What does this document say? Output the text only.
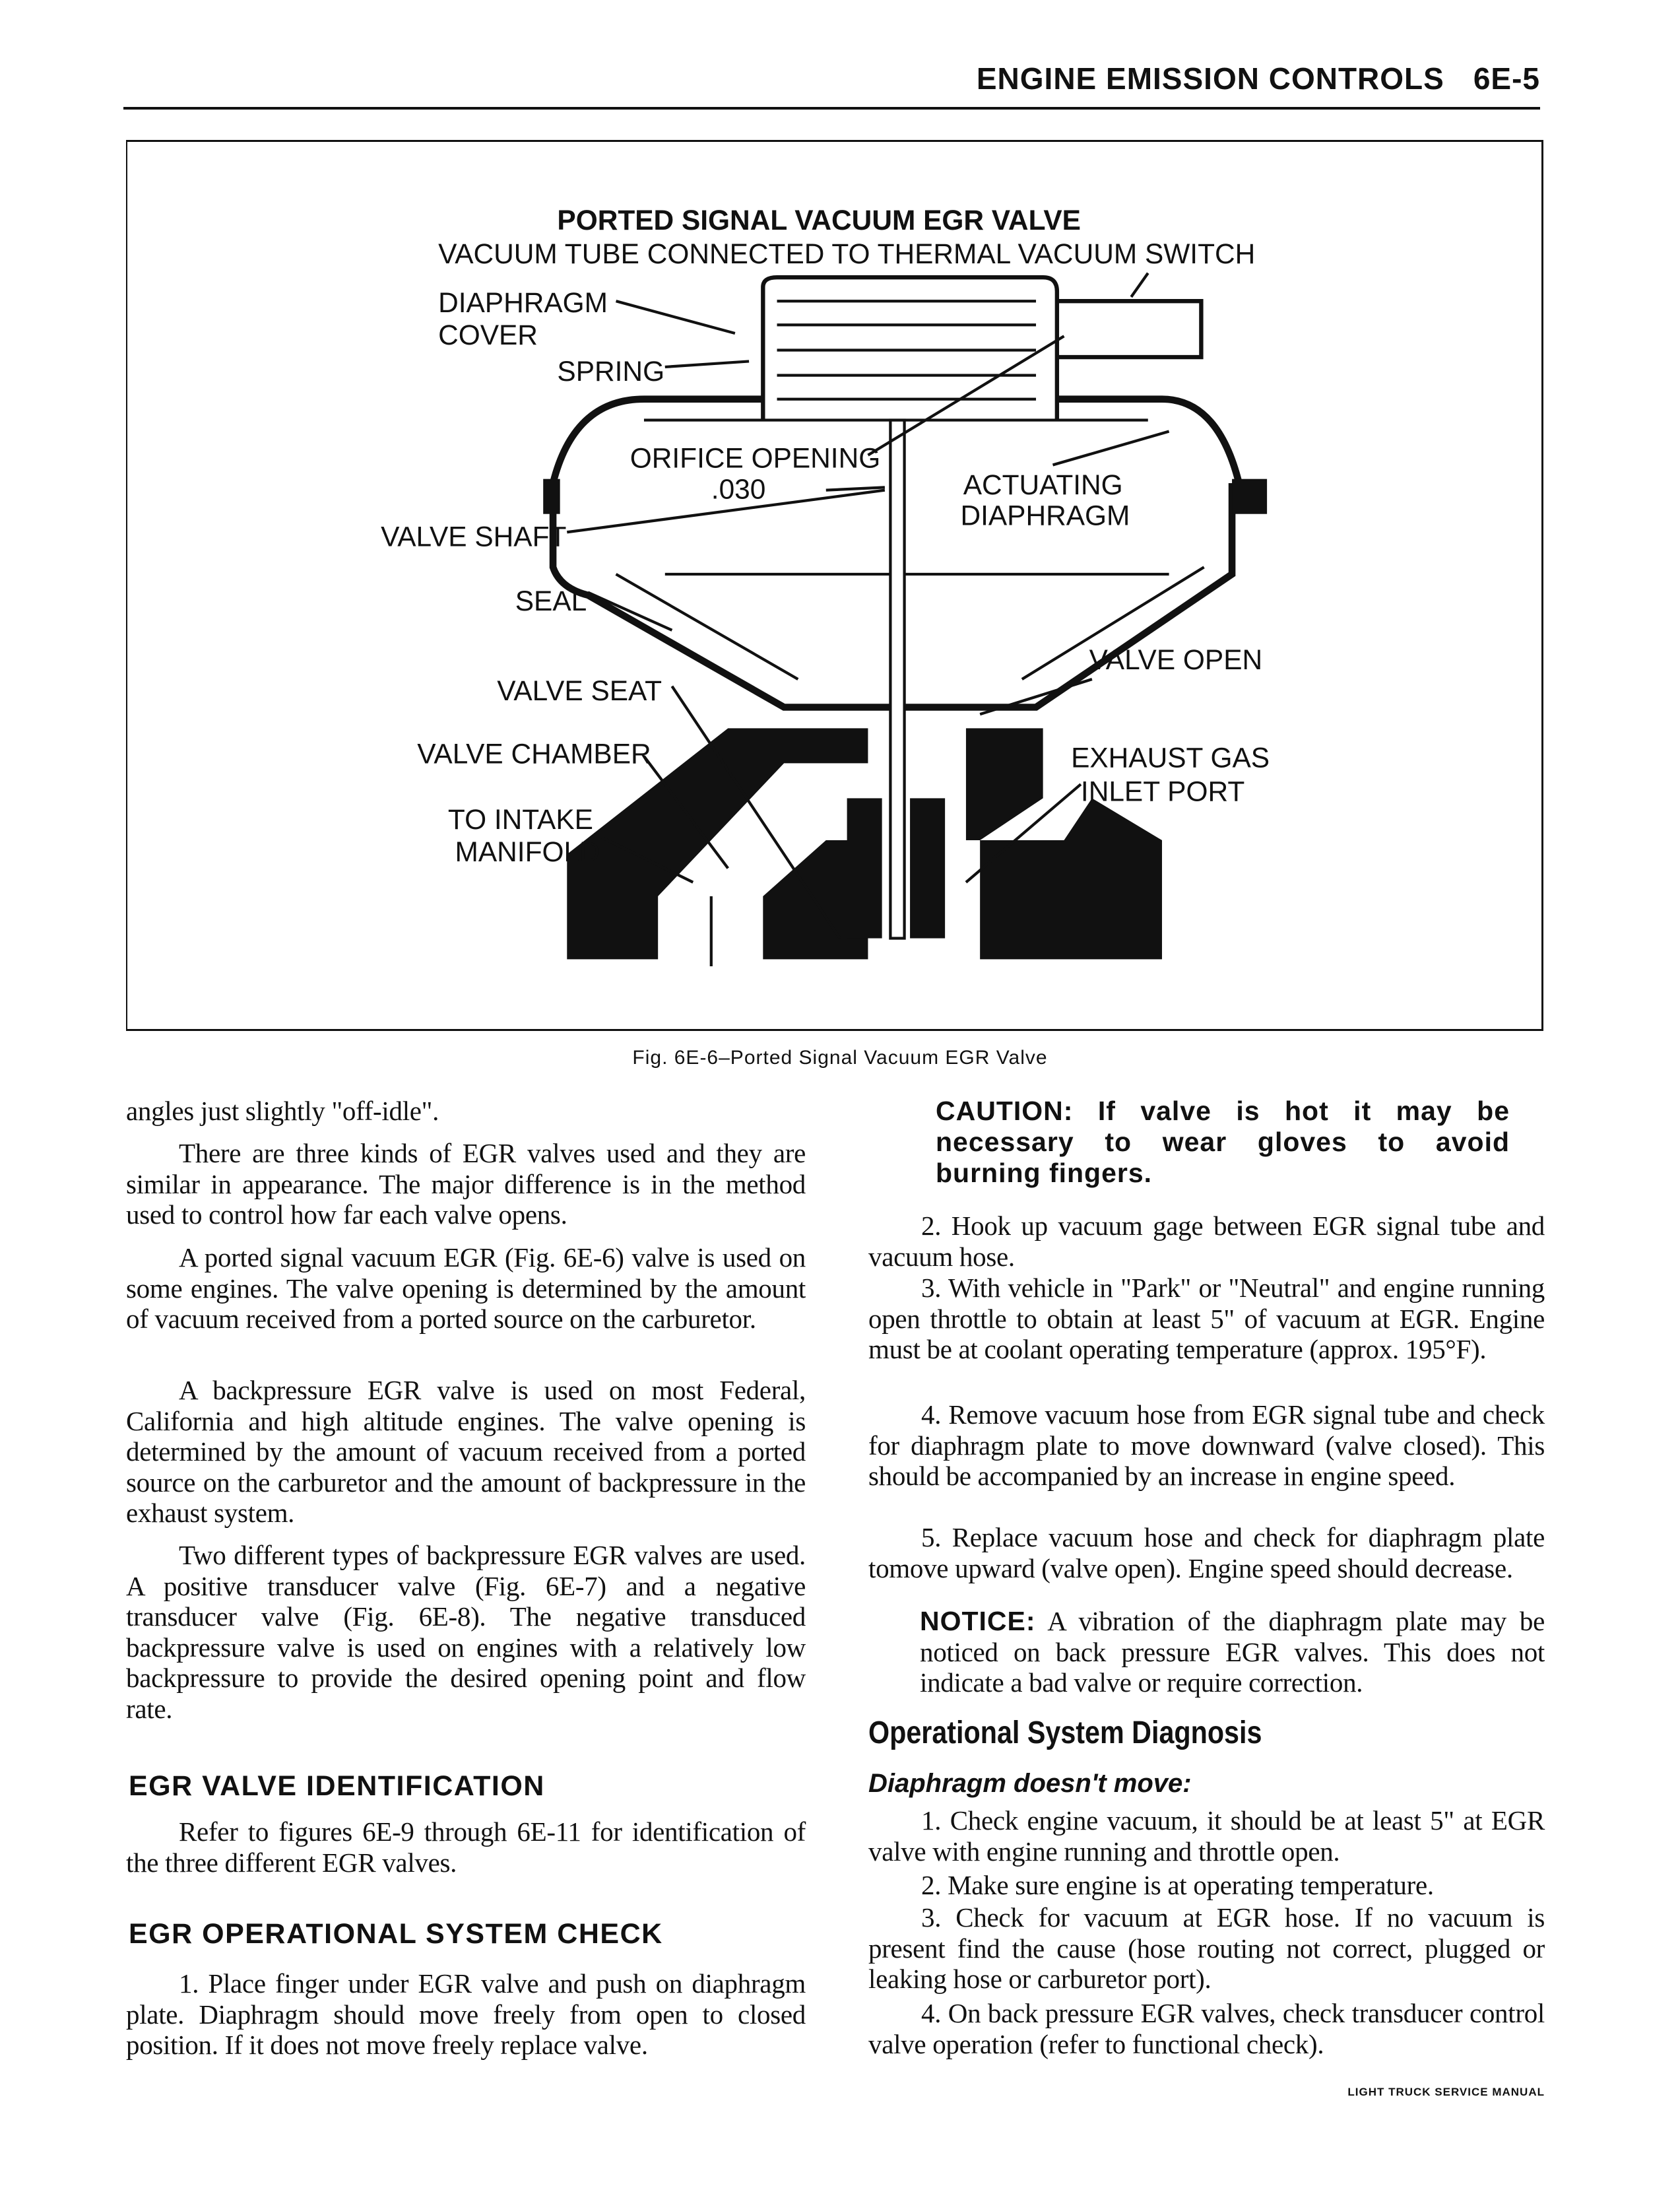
ENGINE EMISSION CONTROLS 6E-5
PORTED SIGNAL VACUUM EGR VALVE
VACUUM TUBE CONNECTED TO THERMAL VACUUM SWITCH
DIAPHRAGM
COVER
SPRING
ORIFICE OPENING
.030	ACTUATING
DIAPHRAGM
VALVE SHAFT
SEAL
VALVE OPEN
VALVE SEAT
VALVE CHAMBER	EXHAUST GAS
INLET PORT
TO INTAKE
MANIFOLD
Fig. 6E-6–Ported Signal Vacuum EGR Valve
angles just slightly "off-idle".
There are three kinds of EGR valves used and they are similar in appearance. The major difference is in the method used to control how far each valve opens.
A ported signal vacuum EGR (Fig. 6E-6) valve is used on some engines. The valve opening is determined by the amount of vacuum received from a ported source on the carburetor.
A backpressure EGR valve is used on most Federal, California and high altitude engines. The valve opening is determined by the amount of vacuum received from a ported source on the carburetor and the amount of backpressure in the exhaust system.
Two different types of backpressure EGR valves are used. A positive transducer valve (Fig. 6E-7) and a negative transducer valve (Fig. 6E-8). The negative transduced backpressure valve is used on engines with a relatively low backpressure to provide the desired opening point and flow rate.
EGR VALVE IDENTIFICATION
Refer to figures 6E-9 through 6E-11 for identification of the three different EGR valves.
EGR OPERATIONAL SYSTEM CHECK
1. Place finger under EGR valve and push on diaphragm plate. Diaphragm should move freely from open to closed position. If it does not move freely replace valve.
CAUTION: If valve is hot it may be necessary to wear gloves to avoid burning fingers.
2. Hook up vacuum gage between EGR signal tube and vacuum hose.
3. With vehicle in "Park" or "Neutral" and engine running open throttle to obtain at least 5" of vacuum at EGR. Engine must be at coolant operating temperature (approx. 195°F).
4. Remove vacuum hose from EGR signal tube and check for diaphragm plate to move downward (valve closed). This should be accompanied by an increase in engine speed.
5. Replace vacuum hose and check for diaphragm plate tomove upward (valve open). Engine speed should decrease.
NOTICE: A vibration of the diaphragm plate may be noticed on back pressure EGR valves. This does not indicate a bad valve or require correction.
Operational System Diagnosis
Diaphragm doesn't move:
1. Check engine vacuum, it should be at least 5" at EGR valve with engine running and throttle open.
2. Make sure engine is at operating temperature.
3. Check for vacuum at EGR hose. If no vacuum is present find the cause (hose routing not correct, plugged or leaking hose or carburetor port).
4. On back pressure EGR valves, check transducer control valve operation (refer to functional check).
LIGHT TRUCK SERVICE MANUAL
